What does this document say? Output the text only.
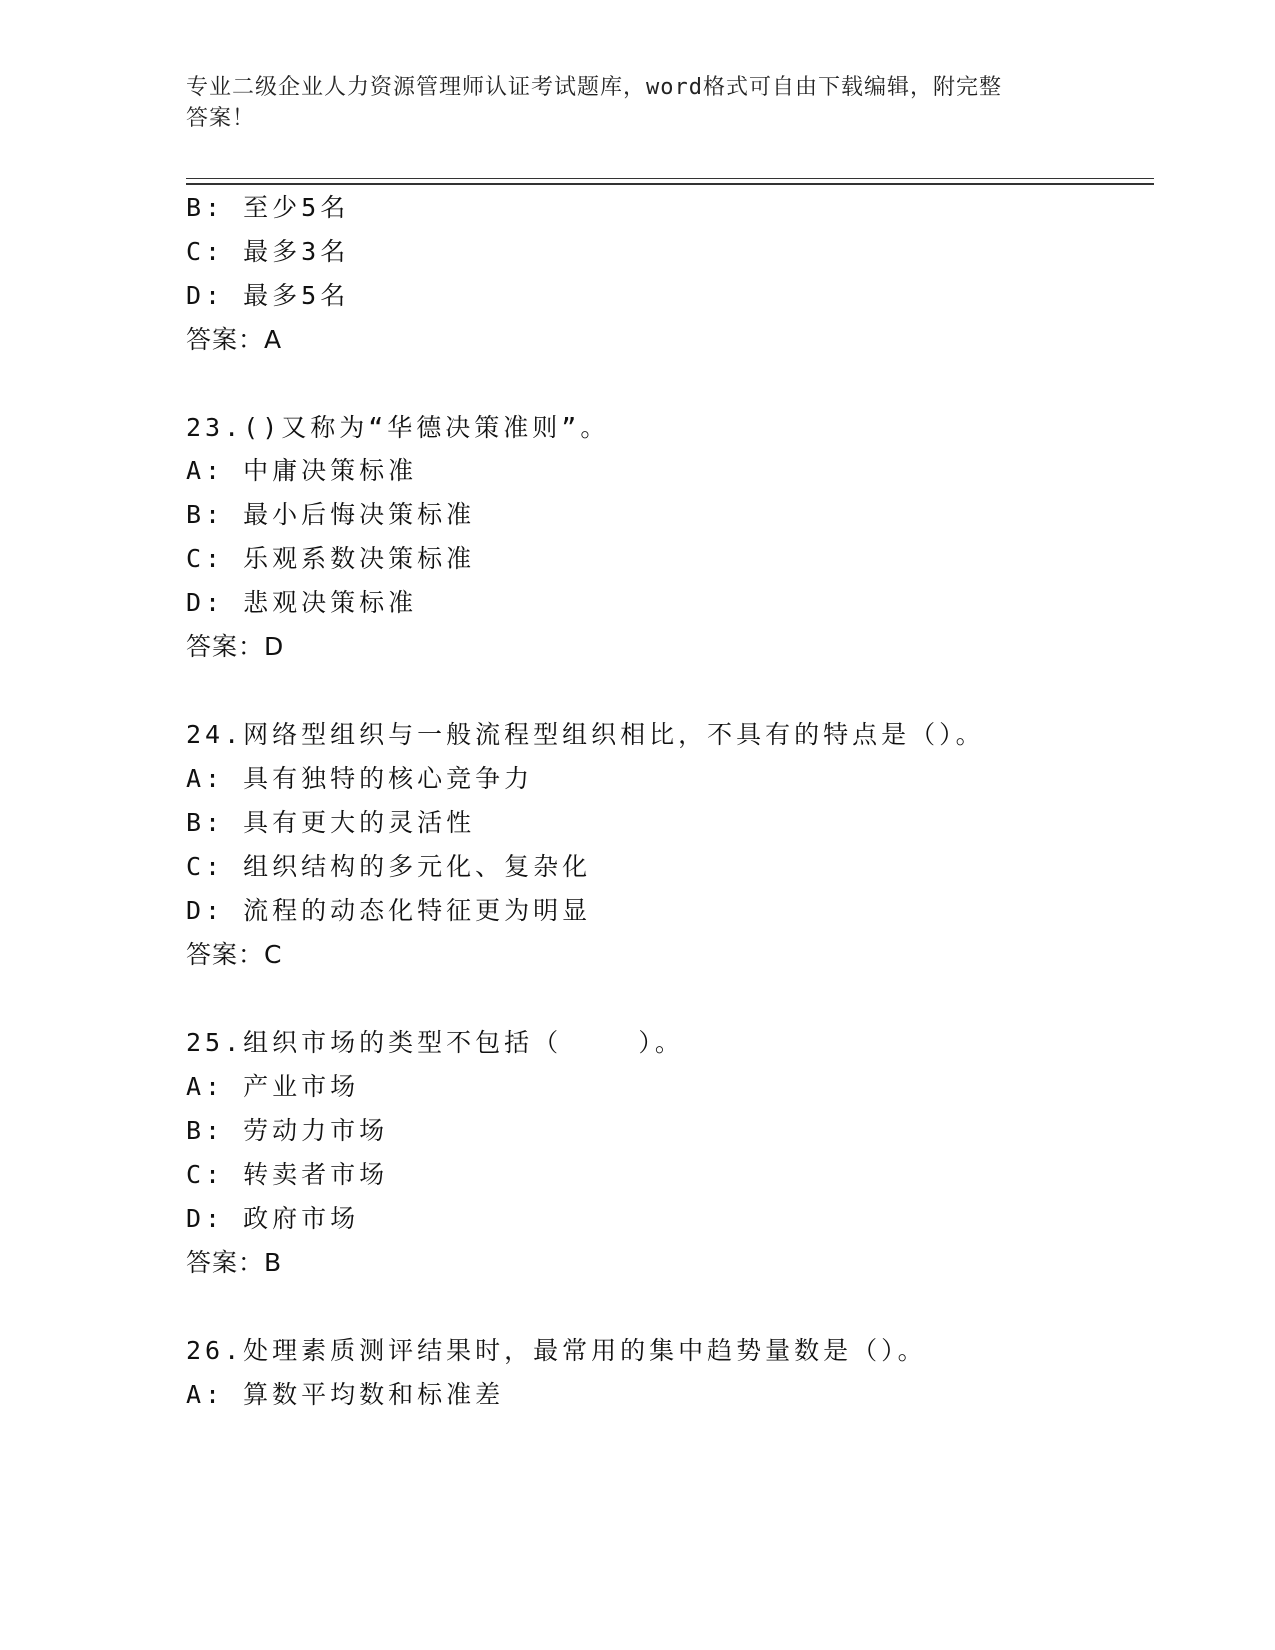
专业二级企业人力资源管理师认证考试题库，word格式可自由下载编辑，附完整
答案！
B: 至少5名
C: 最多3名
D: 最多5名
答案：A
23.()又称为“华德决策准则”。
A: 中庸决策标准
B: 最小后悔决策标准
C: 乐观系数决策标准
D: 悲观决策标准
答案：D
24.网络型组织与一般流程型组织相比，不具有的特点是（）。
A: 具有独特的核心竞争力
B: 具有更大的灵活性
C: 组织结构的多元化、复杂化
D: 流程的动态化特征更为明显
答案：C
25.组织市场的类型不包括（    ）。
A: 产业市场
B: 劳动力市场
C: 转卖者市场
D: 政府市场
答案：B
26.处理素质测评结果时，最常用的集中趋势量数是（）。
A: 算数平均数和标准差
